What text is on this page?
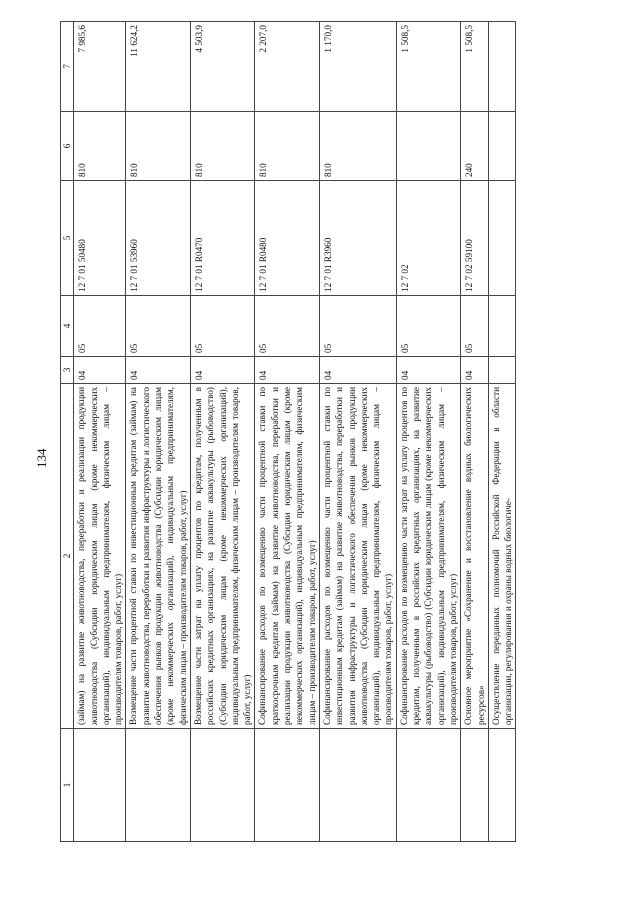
134
1	2	3	4	5	6	7
	(займам) на развитие животноводства, переработки и реализации продукции животноводства (Субсидии юридическим лицам (кроме некоммерческих организаций), индивидуальным предпринимателям, физическим лицам – производителям товаров, работ, услуг)	04	05	12 7 01 50480	810	7 985,6
	Возмещение части процентной ставки по инвестиционным кредитам (займам) на развитие животноводства, переработки и развития инфраструктуры и логистического обеспечения рынков продукции животноводства (Субсидии юридическим лицам (кроме некоммерческих организаций), индивидуальным предпринимателям, физическим лицам – производителям товаров, работ, услуг)	04	05	12 7 01 53960	810	11 624,2
	Возмещение части затрат на уплату процентов по кредитам, полученным в российских кредитных организациях, на развитие аквакультуры (рыбоводство) (Субсидии юридическим лицам (кроме некоммерческих организаций), индивидуальным предпринимателям, физическим лицам – производителям товаров, работ, услуг)	04	05	12 7 01 R0470	810	4 503,9
	Софинансирование расходов по возмещению части процентной ставки по краткосрочным кредитам (займам) на развитие животноводства, переработки и реализации продукции животноводства (Субсидии юридическим лицам (кроме некоммерческих организаций), индивидуальным предпринимателям, физическим лицам – производителям товаров, работ, услуг)	04	05	12 7 01 R0480	810	2 207,0
	Софинансирование расходов по возмещению части процентной ставки по инвестиционным кредитам (займам) на развитие животноводства, переработки и развития инфраструктуры и логистического обеспечения рынков продукции животноводства (Субсидии юридическим лицам (кроме некоммерческих организаций), индивидуальным предпринимателям, физическим лицам – производителям товаров, работ, услуг)	04	05	12 7 01 R3960	810	1 170,0
	Софинансирование расходов по возмещению части затрат на уплату процентов по кредитам, полученным в российских кредитных организациях, на развитие аквакультуры (рыбоводство) (Субсидии юридическим лицам (кроме некоммерческих организаций), индивидуальным предпринимателям, физическим лицам – производителям товаров, работ, услуг)	04	05	12 7 02		1 508,5
	Основное мероприятие «Сохранение и восстановление водных биологических ресурсов»	04	05	12 7 02 59100	240	1 508,5
	Осуществление переданных полномочий Российской Федерации в области организации, регулирования и охраны водных биологиче-					
